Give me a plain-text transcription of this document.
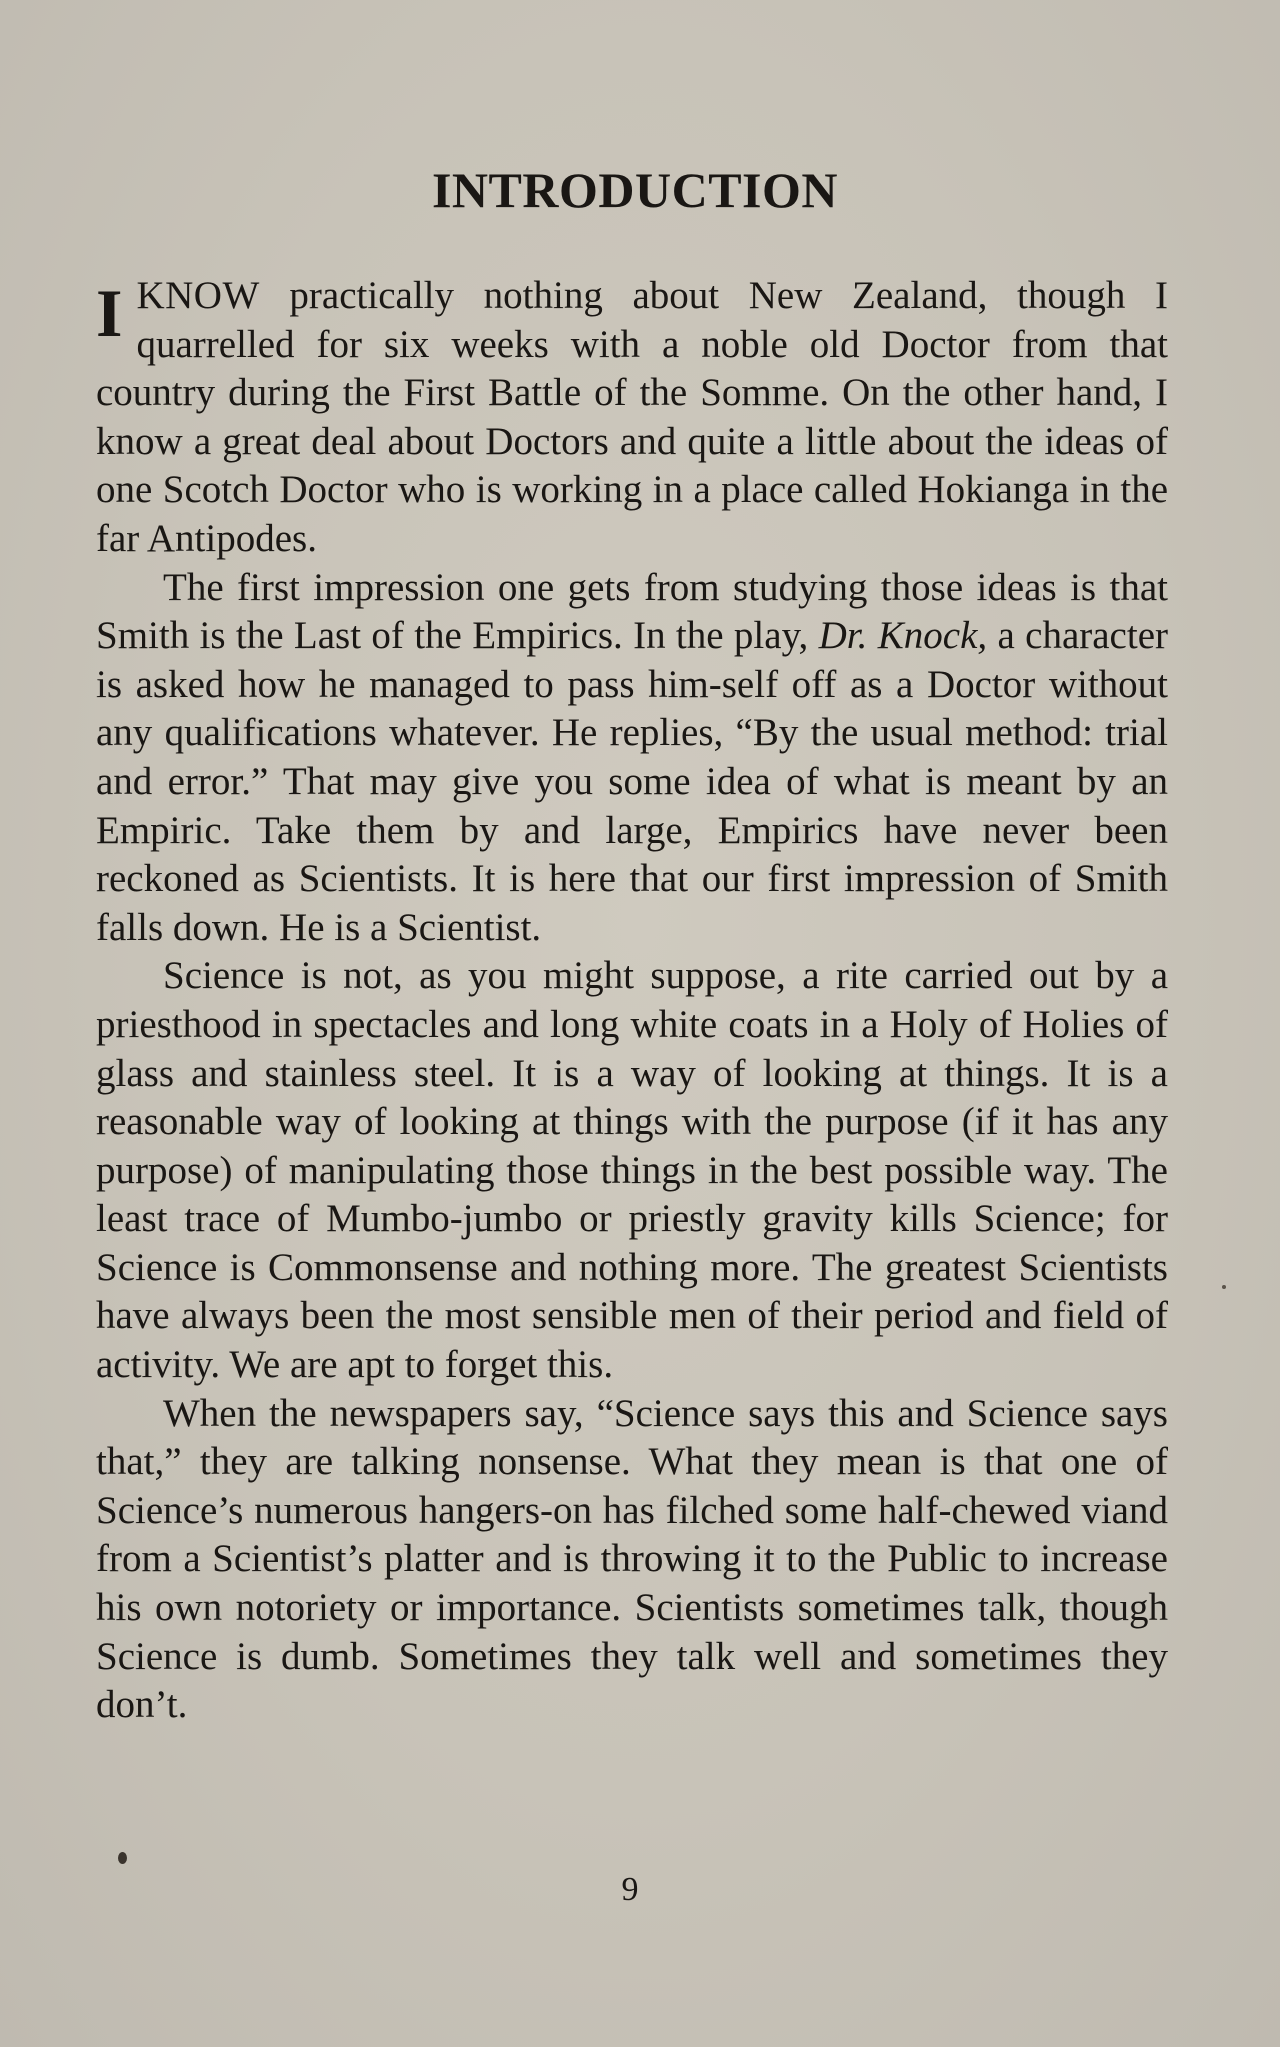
INTRODUCTION

IKNOW practically nothing about New Zealand, though I quarrelled for six weeks with a noble old Doctor from that country during the First Battle of the Somme. On the other hand, I know a great deal about Doctors and quite a little about the ideas of one Scotch Doctor who is working in a place called Hokianga in the far Antipodes.

The first impression one gets from studying those ideas is that Smith is the Last of the Empirics. In the play, Dr. Knock, a character is asked how he managed to pass him‐self off as a Doctor without any qualifications whatever. He replies, “By the usual method: trial and error.” That may give you some idea of what is meant by an Empiric. Take them by and large, Empirics have never been reckoned as Scientists. It is here that our first impression of Smith falls down. He is a Scientist.

Science is not, as you might suppose, a rite carried out by a priesthood in spectacles and long white coats in a Holy of Holies of glass and stainless steel. It is a way of looking at things. It is a reasonable way of looking at things with the purpose (if it has any purpose) of manipulating those things in the best possible way. The least trace of Mumbo‐jumbo or priestly gravity kills Science; for Science is Commonsense and nothing more. The greatest Scientists have always been the most sensible men of their period and field of activity. We are apt to forget this.

When the newspapers say, “Science says this and Science says that,” they are talking nonsense. What they mean is that one of Science’s numerous hangers‐on has filched some half‐chewed viand from a Scientist’s platter and is throwing it to the Public to increase his own notoriety or importance. Scientists sometimes talk, though Science is dumb. Sometimes they talk well and sometimes they don’t.

9
